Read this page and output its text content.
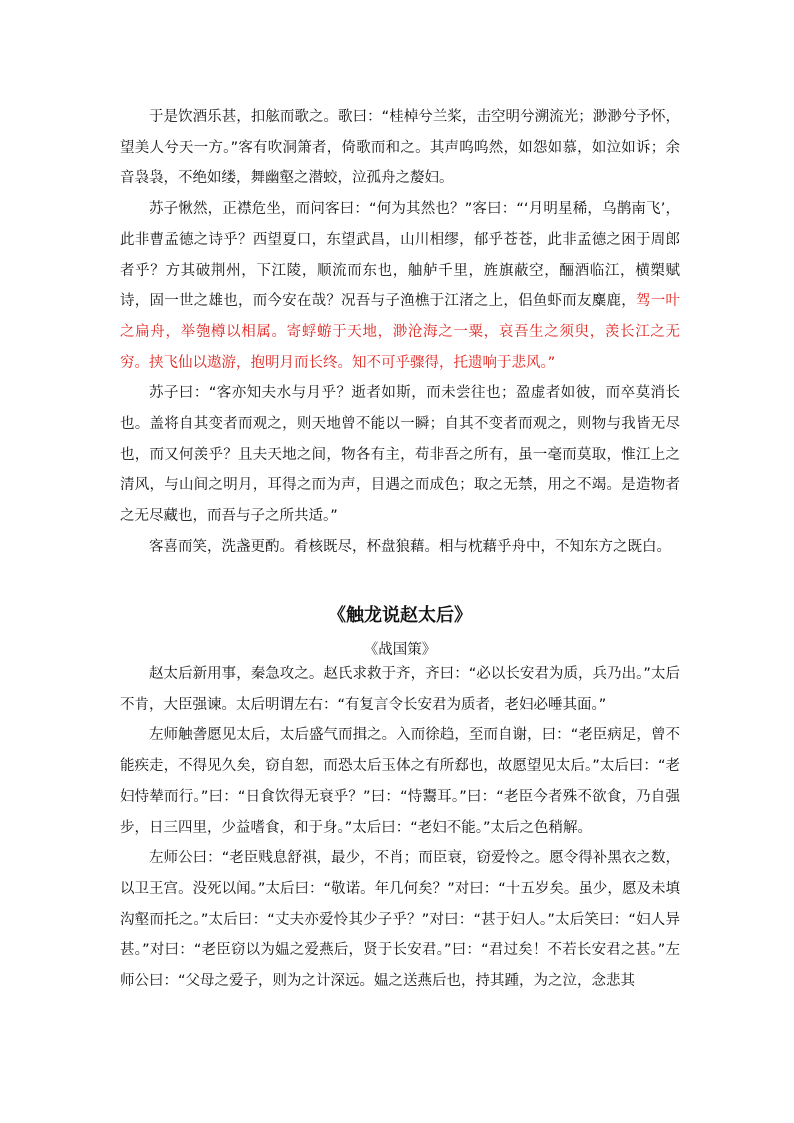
于是饮酒乐甚，扣舷而歌之。歌曰：“桂棹兮兰桨，击空明兮溯流光；渺渺兮予怀，望美人兮天一方。”客有吹洞箫者，倚歌而和之。其声呜呜然，如怨如慕，如泣如诉；余音袅袅，不绝如缕，舞幽壑之潜蛟，泣孤舟之嫠妇。

苏子愀然，正襟危坐，而问客曰：“何为其然也？”客曰：“‘月明星稀，乌鹊南飞’，此非曹孟德之诗乎？西望夏口，东望武昌，山川相缪，郁乎苍苍，此非孟德之困于周郎者乎？方其破荆州，下江陵，顺流而东也，舳舻千里，旌旗蔽空，酾酒临江，横槊赋诗，固一世之雄也，而今安在哉？况吾与子渔樵于江渚之上，侣鱼虾而友麋鹿，驾一叶之扁舟，举匏樽以相属。寄蜉蝣于天地，渺沧海之一粟，哀吾生之须臾，羡长江之无穷。挟飞仙以遨游，抱明月而长终。知不可乎骤得，托遗响于悲风。”

苏子曰：“客亦知夫水与月乎？逝者如斯，而未尝往也；盈虚者如彼，而卒莫消长也。盖将自其变者而观之，则天地曾不能以一瞬；自其不变者而观之，则物与我皆无尽也，而又何羡乎？且夫天地之间，物各有主，苟非吾之所有，虽一毫而莫取，惟江上之清风，与山间之明月，耳得之而为声，目遇之而成色；取之无禁，用之不竭。是造物者之无尽藏也，而吾与子之所共适。”

客喜而笑，洗盏更酌。肴核既尽，杯盘狼藉。相与枕藉乎舟中，不知东方之既白。

《触龙说赵太后》

《战国策》

赵太后新用事，秦急攻之。赵氏求救于齐，齐曰：“必以长安君为质，兵乃出。”太后不肯，大臣强谏。太后明谓左右：“有复言令长安君为质者，老妇必唾其面。”

左师触詟愿见太后，太后盛气而揖之。入而徐趋，至而自谢，曰：“老臣病足，曾不能疾走，不得见久矣，窃自恕，而恐太后玉体之有所郄也，故愿望见太后。”太后曰：“老妇恃辇而行。”曰：“日食饮得无衰乎？”曰：“恃鬻耳。”曰：“老臣今者殊不欲食，乃自强步，日三四里，少益嗜食，和于身。”太后曰：“老妇不能。”太后之色稍解。

左师公曰：“老臣贱息舒祺，最少，不肖；而臣衰，窃爱怜之。愿令得补黑衣之数，以卫王宫。没死以闻。”太后曰：“敬诺。年几何矣？”对曰：“十五岁矣。虽少，愿及未填沟壑而托之。”太后曰：“丈夫亦爱怜其少子乎？”对曰：“甚于妇人。”太后笑曰：“妇人异甚。”对曰：“老臣窃以为媪之爱燕后，贤于长安君。”曰：“君过矣！不若长安君之甚。”左师公曰：“父母之爱子，则为之计深远。媪之送燕后也，持其踵，为之泣，念悲其
